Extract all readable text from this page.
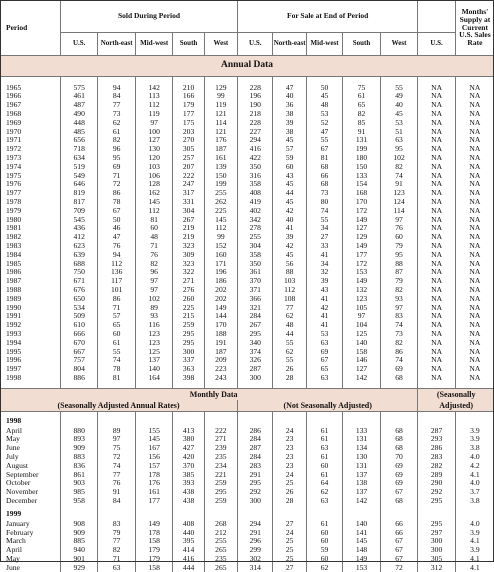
Period	Sold During Period					For Sale at End of Period						Months' Supply at Current U.S. Sales Rate
	U.S.	North-east	Mid-west	South	West	U.S.	North-east	Mid-west	South	West	U.S.	
Annual Data												

1965	575	94	142	210	129	228	47	50	75	55	NA	NA
1966	461	84	113	166	99	196	40	45	61	49	NA	NA
1967	487	77	112	179	119	190	36	48	65	40	NA	NA
1968	490	73	119	177	121	218	38	53	82	45	NA	NA
1969	448	62	97	175	114	228	39	52	85	53	NA	NA
1970	485	61	100	203	121	227	38	47	91	51	NA	NA
1971	656	82	127	270	176	294	45	55	131	63	NA	NA
1972	718	96	130	305	187	416	57	67	199	95	NA	NA
1973	634	95	120	257	161	422	59	81	180	102	NA	NA
1974	519	69	103	207	139	350	60	68	150	82	NA	NA
1975	549	71	106	222	150	316	43	66	133	74	NA	NA
1976	646	72	128	247	199	358	45	68	154	91	NA	NA
1977	819	86	162	317	255	408	44	73	168	123	NA	NA
1978	817	78	145	331	262	419	45	80	170	124	NA	NA
1979	709	67	112	304	225	402	42	74	172	114	NA	NA
1980	545	50	81	267	145	342	40	55	149	97	NA	NA
1981	436	46	60	219	112	278	41	34	127	76	NA	NA
1982	412	47	48	219	99	255	39	27	129	60	NA	NA
1983	623	76	71	323	152	304	42	33	149	79	NA	NA
1984	639	94	76	309	160	358	45	41	177	95	NA	NA
1985	688	112	82	323	171	350	56	34	172	88	NA	NA
1986	750	136	96	322	196	361	88	32	153	87	NA	NA
1987	671	117	97	271	186	370	103	39	149	79	NA	NA
1988	676	101	97	276	202	371	112	43	132	82	NA	NA
1989	650	86	102	260	202	366	108	41	123	93	NA	NA
1990	534	71	89	225	149	321	77	42	105	97	NA	NA
1991	509	57	93	215	144	284	62	41	97	83	NA	NA
1992	610	65	116	259	170	267	48	41	104	74	NA	NA
1993	666	60	123	295	188	295	44	53	125	73	NA	NA
1994	670	61	123	295	191	340	55	63	140	82	NA	NA
1995	667	55	125	300	187	374	62	69	158	86	NA	NA
1996	757	74	137	337	209	326	55	67	146	74	NA	NA
1997	804	78	140	363	223	287	26	65	127	69	NA	NA
1998	886	81	164	398	243	300	28	63	142	68	NA	NA

Monthly Data											(Seasonally	
(Seasonally Adjusted Annual Rates)						(Not Seasonally Adjusted)					Adjusted)	

1998												
April	880	89	155	413	222	286	24	61	133	68	287	3.9
May	893	97	145	380	271	284	23	61	131	68	293	3.9
June	909	75	167	427	239	287	23	63	134	68	286	3.8
July	883	72	156	420	235	284	23	61	130	70	283	4.0
August	836	74	157	370	234	283	23	60	131	69	282	4.2
September	861	77	178	385	221	291	24	61	137	69	289	4.1
October	903	76	176	393	259	295	25	64	138	69	290	4.0
November	985	91	161	438	295	292	26	62	137	67	292	3.7
December	958	84	177	438	259	300	28	63	142	68	295	3.8

1999												
January	908	83	149	408	268	294	27	61	140	66	295	4.0
February	909	79	178	440	212	291	24	60	141	66	297	3.9
March	885	77	158	395	255	296	25	60	145	67	300	4.1
April	940	82	179	414	265	299	25	59	148	67	300	3.9
May	901	71	179	416	235	302	25	60	149	67	305	4.1
June	929	63	158	444	265	314	27	62	153	72	312	4.1
